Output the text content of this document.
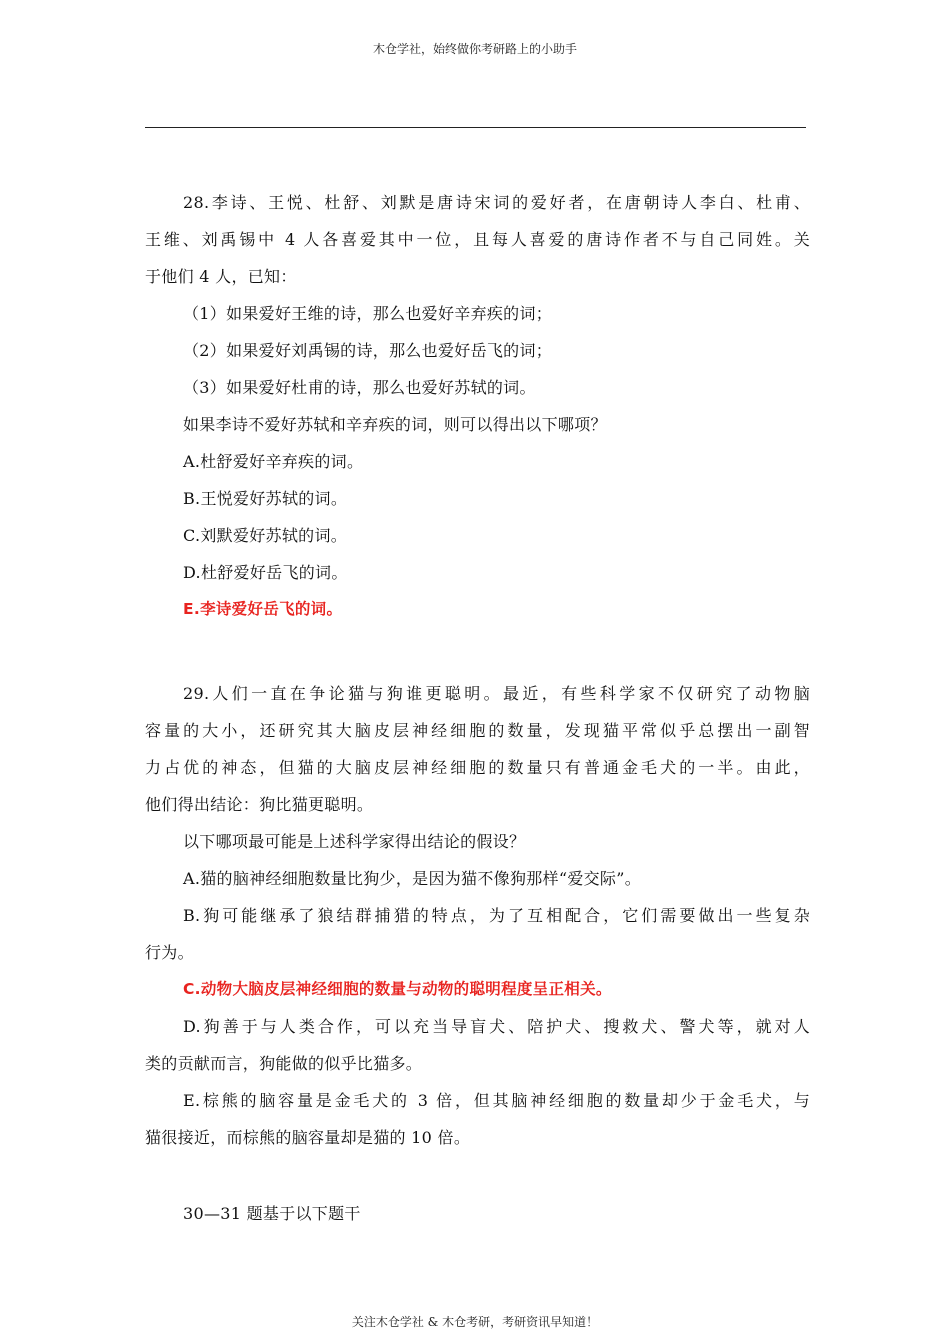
木仓学社，始终做你考研路上的小助手
28.李诗、王悦、杜舒、刘默是唐诗宋词的爱好者，在唐朝诗人李白、杜甫、
王维、刘禹锡中 4 人各喜爱其中一位，且每人喜爱的唐诗作者不与自己同姓。关
于他们 4 人，已知：
（1）如果爱好王维的诗，那么也爱好辛弃疾的词；
（2）如果爱好刘禹锡的诗，那么也爱好岳飞的词；
（3）如果爱好杜甫的诗，那么也爱好苏轼的词。
如果李诗不爱好苏轼和辛弃疾的词，则可以得出以下哪项？
A.杜舒爱好辛弃疾的词。
B.王悦爱好苏轼的词。
C.刘默爱好苏轼的词。
D.杜舒爱好岳飞的词。
E.李诗爱好岳飞的词。
29.人们一直在争论猫与狗谁更聪明。最近，有些科学家不仅研究了动物脑
容量的大小，还研究其大脑皮层神经细胞的数量，发现猫平常似乎总摆出一副智
力占优的神态，但猫的大脑皮层神经细胞的数量只有普通金毛犬的一半。由此，
他们得出结论：狗比猫更聪明。
以下哪项最可能是上述科学家得出结论的假设？
A.猫的脑神经细胞数量比狗少，是因为猫不像狗那样“爱交际”。
B.狗可能继承了狼结群捕猎的特点，为了互相配合，它们需要做出一些复杂
行为。
C.动物大脑皮层神经细胞的数量与动物的聪明程度呈正相关。
D.狗善于与人类合作，可以充当导盲犬、陪护犬、搜救犬、警犬等，就对人
类的贡献而言，狗能做的似乎比猫多。
E.棕熊的脑容量是金毛犬的 3 倍，但其脑神经细胞的数量却少于金毛犬，与
猫很接近，而棕熊的脑容量却是猫的 10 倍。
30—31 题基于以下题干
关注木仓学社 & 木仓考研，考研资讯早知道！
